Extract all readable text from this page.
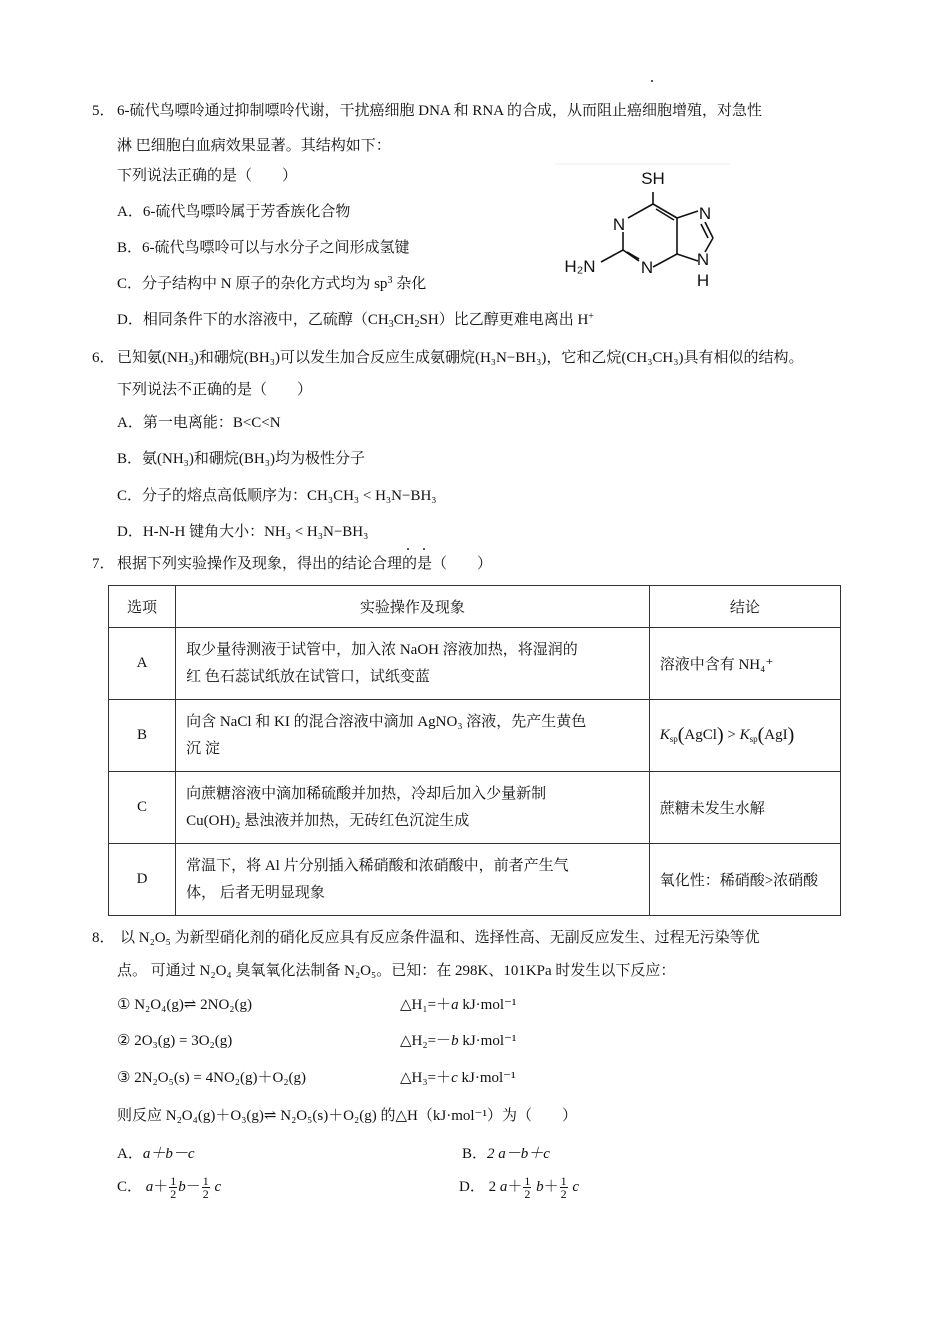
5． 6-硫代鸟嘌呤通过抑制嘌呤代谢，干扰癌细胞 DNA 和 RNA 的合成，从而阻止癌细胞增殖，对急性
淋 巴细胞白血病效果显著。其结构如下：
下列说法正确的是（　　）
A．6-硫代鸟嘌呤属于芳香族化合物
B．6-硫代鸟嘌呤可以与水分子之间形成氢键
C．分子结构中 N 原子的杂化方式均为 $sp^3$ 杂化
D．相同条件下的水溶液中，乙硫醇$(CH_3CH_2SH)$比乙醇更难电离出 H+
SH
N
N
N
N
H
H₂N
6． 已知氨(NH₃)和硼烷(BH₃)可以发生加合反应生成氨硼烷(H₃N−BH₃)，它和乙烷(CH₃CH₃)具有相似的结构。
下列说法不正确的是（　　）
A．第一电离能：B<C<N
B．氨(NH₃)和硼烷(BH₃)均为极性分子
C．分子的熔点高低顺序为：CH₃CH₃ < H₃N−BH₃
D．H-N-H 键角大小：NH₃ < H₃N−BH₃
7． 根据下列实验操作及现象，得出的结论合理的是（　　）
选项	实验操作及现象	结论
A	取少量待测液于试管中，加入浓 NaOH 溶液加热，将湿润的
红 色石蕊试纸放在试管口，试纸变蓝	溶液中含有 NH₄⁺
B	向含 NaCl 和 KI 的混合溶液中滴加 AgNO₃ 溶液，先产生黄色
沉 淀	$K_{sp}(AgCl) > K_{sp}(AgI)$
C	向蔗糖溶液中滴加稀硫酸并加热，冷却后加入少量新制
Cu(OH)₂ 悬浊液并加热，无砖红色沉淀生成	蔗糖未发生水解
D	常温下，将 Al 片分别插入稀硝酸和浓硝酸中，前者产生气
体， 后者无明显现象	氧化性：稀硝酸>浓硝酸
8． 以 N₂O₅ 为新型硝化剂的硝化反应具有反应条件温和、选择性高、无副反应发生、过程无污染等优
点。 可通过 N₂O₄ 臭氧氧化法制备 N₂O₅。已知：在 298K、101KPa 时发生以下反应：
① N₂O₄(g)⇌ 2NO₂(g)	△H₁=＋a kJ·mol⁻¹
② 2O₃(g) = 3O₂(g)	△H₂=－b kJ·mol⁻¹
③ 2N₂O₅(s) = 4NO₂(g)＋O₂(g)	△H₃=＋c kJ·mol⁻¹
则反应 N₂O₄(g)＋O₃(g)⇌ N₂O₅(s)＋O₂(g) 的△H（kJ·mol⁻¹）为（　　）
A．a＋b－c	B．2 a－b＋c
C． $a+ \frac{1}{2} b- \frac{1}{2}$ c	D． 2 $a+ \frac{1}{2} b+ \frac{1}{2}$ c
